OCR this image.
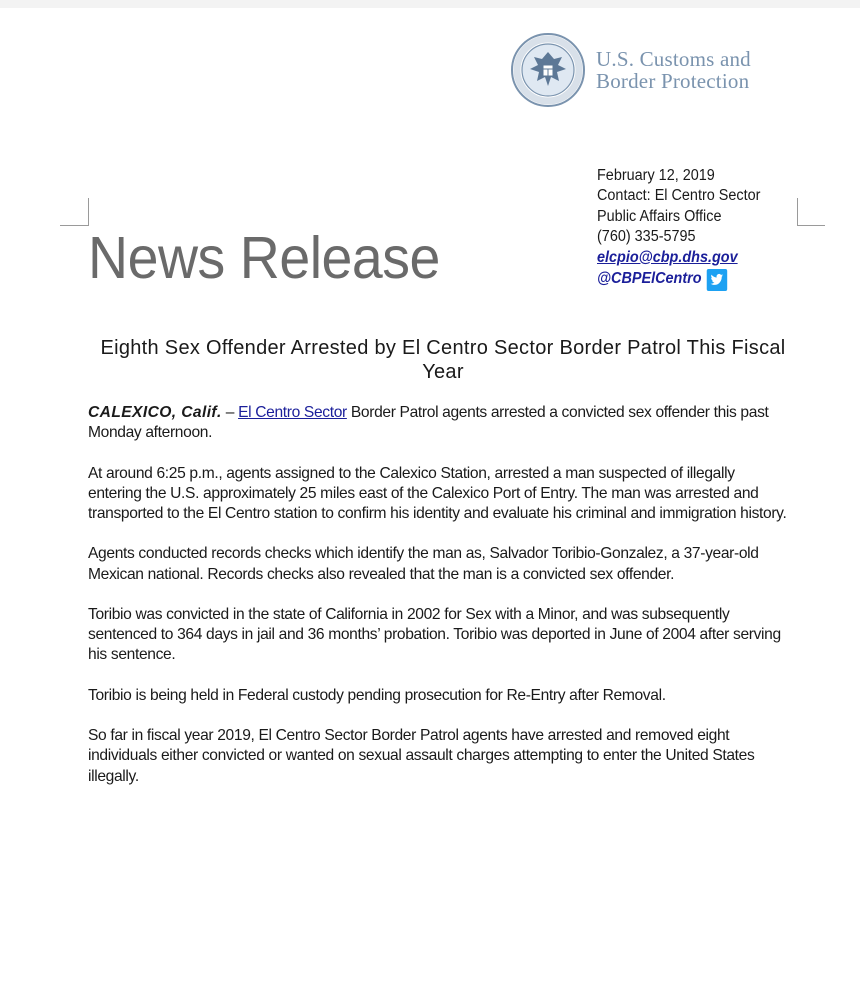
U.S. Customs and
Border Protection
News Release
February 12, 2019
Contact: El Centro Sector
Public Affairs Office
(760) 335-5795
elcpio@cbp.dhs.gov
@CBPElCentro
Eighth Sex Offender Arrested by El Centro Sector Border Patrol This Fiscal Year

CALEXICO, Calif. – El Centro Sector Border Patrol agents arrested a convicted sex offender this past Monday afternoon.

At around 6:25 p.m., agents assigned to the Calexico Station, arrested a man suspected of illegally entering the U.S. approximately 25 miles east of the Calexico Port of Entry. The man was arrested and transported to the El Centro station to confirm his identity and evaluate his criminal and immigration history.

Agents conducted records checks which identify the man as, Salvador Toribio-Gonzalez, a 37-year-old Mexican national. Records checks also revealed that the man is a convicted sex offender.

Toribio was convicted in the state of California in 2002 for Sex with a Minor, and was subsequently sentenced to 364 days in jail and 36 months’ probation. Toribio was deported in June of 2004 after serving his sentence.

Toribio is being held in Federal custody pending prosecution for Re-Entry after Removal.

So far in fiscal year 2019, El Centro Sector Border Patrol agents have arrested and removed eight individuals either convicted or wanted on sexual assault charges attempting to enter the United States illegally.
